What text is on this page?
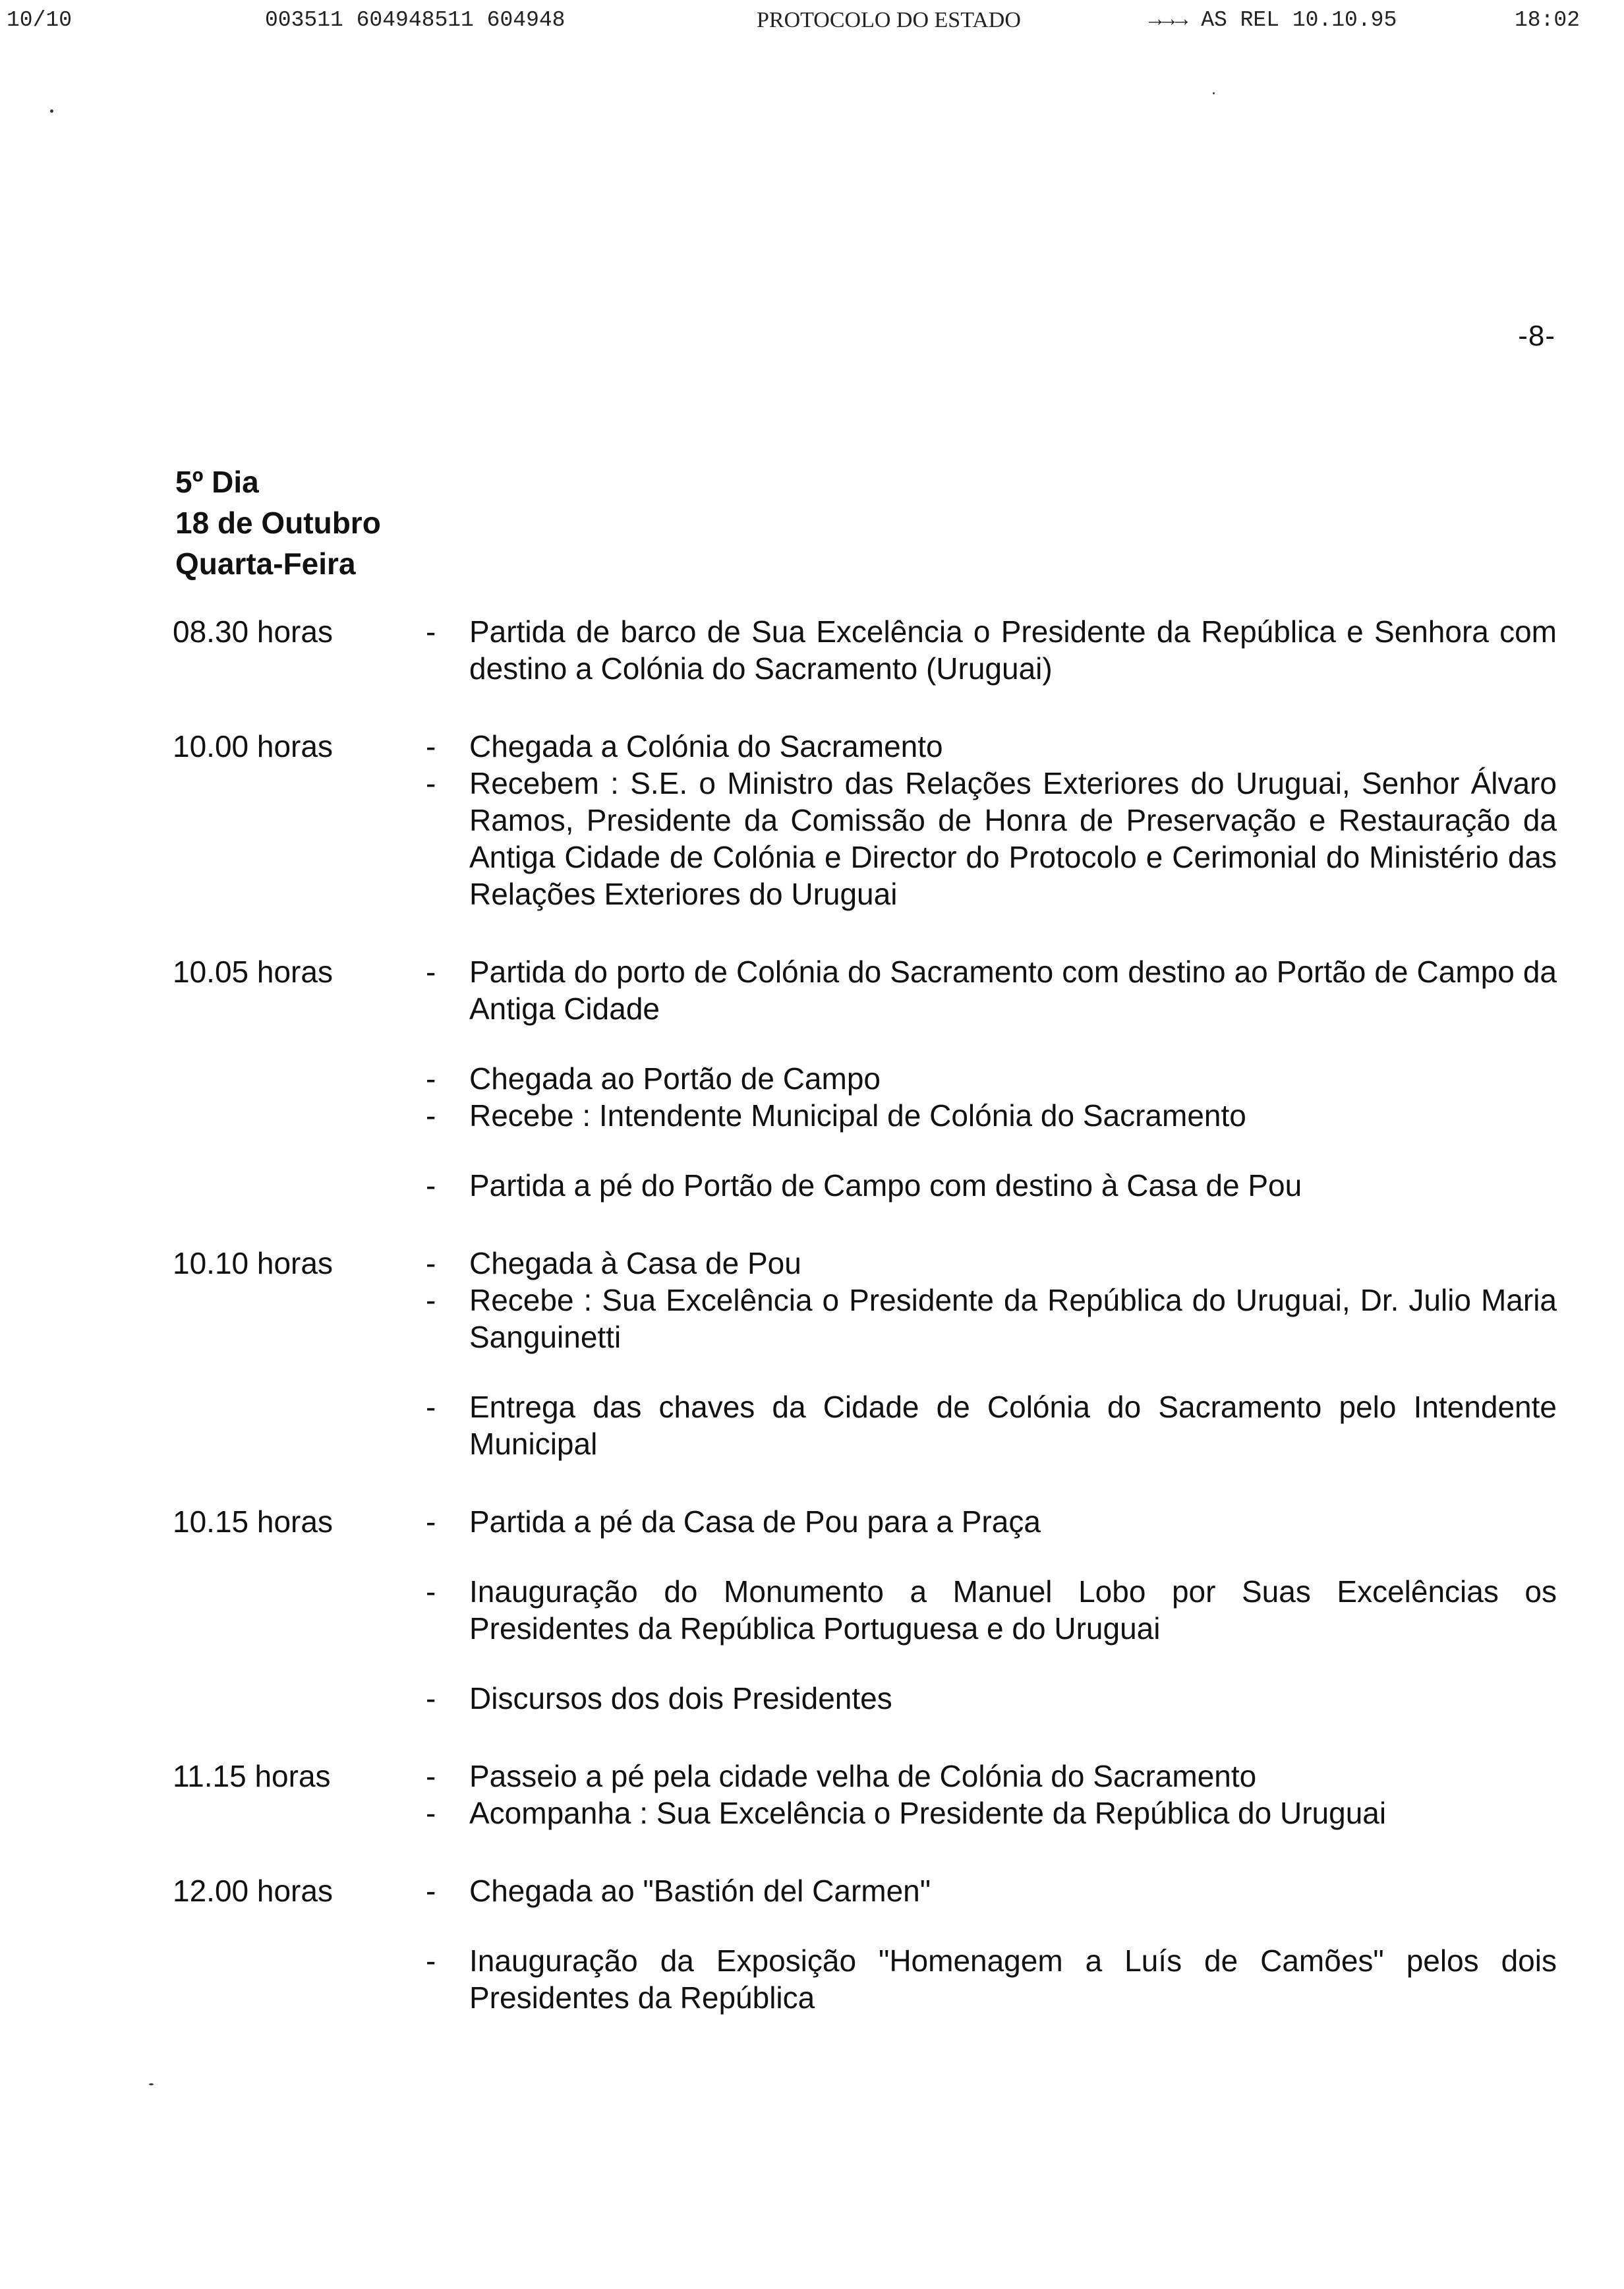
10/10	003511 604948511 604948	PROTOCOLO DO ESTADO	→→→ AS REL 10.10.95	18:02
-8-
5º Dia
18 de Outubro
Quarta-Feira
08.30 horas	-	Partida de barco de Sua Excelência o Presidente da República e Senhora com destino a Colónia do Sacramento (Uruguai)
10.00 horas	-	Chegada a Colónia do Sacramento
-	Recebem : S.E. o Ministro das Relações Exteriores do Uruguai, Senhor Álvaro Ramos, Presidente da Comissão de Honra de Preservação e Restauração da Antiga Cidade de Colónia e Director do Protocolo e Cerimonial do Ministério das Relações Exteriores do Uruguai
10.05 horas	-	Partida do porto de Colónia do Sacramento com destino ao Portão de Campo da Antiga Cidade
-	Chegada ao Portão de Campo
-	Recebe : Intendente Municipal de Colónia do Sacramento
-	Partida a pé do Portão de Campo com destino à Casa de Pou
10.10 horas	-	Chegada à Casa de Pou
-	Recebe : Sua Excelência o Presidente da República do Uruguai, Dr. Julio Maria Sanguinetti
-	Entrega das chaves da Cidade de Colónia do Sacramento pelo Intendente Municipal
10.15 horas	-	Partida a pé da Casa de Pou para a Praça
-	Inauguração do Monumento a Manuel Lobo por Suas Excelências os Presidentes da República Portuguesa e do Uruguai
-	Discursos dos dois Presidentes
11.15 horas	-	Passeio a pé pela cidade velha de Colónia do Sacramento
-	Acompanha : Sua Excelência o Presidente da República do Uruguai
12.00 horas	-	Chegada ao "Bastión del Carmen"
-	Inauguração da Exposição "Homenagem a Luís de Camões" pelos dois Presidentes da República
